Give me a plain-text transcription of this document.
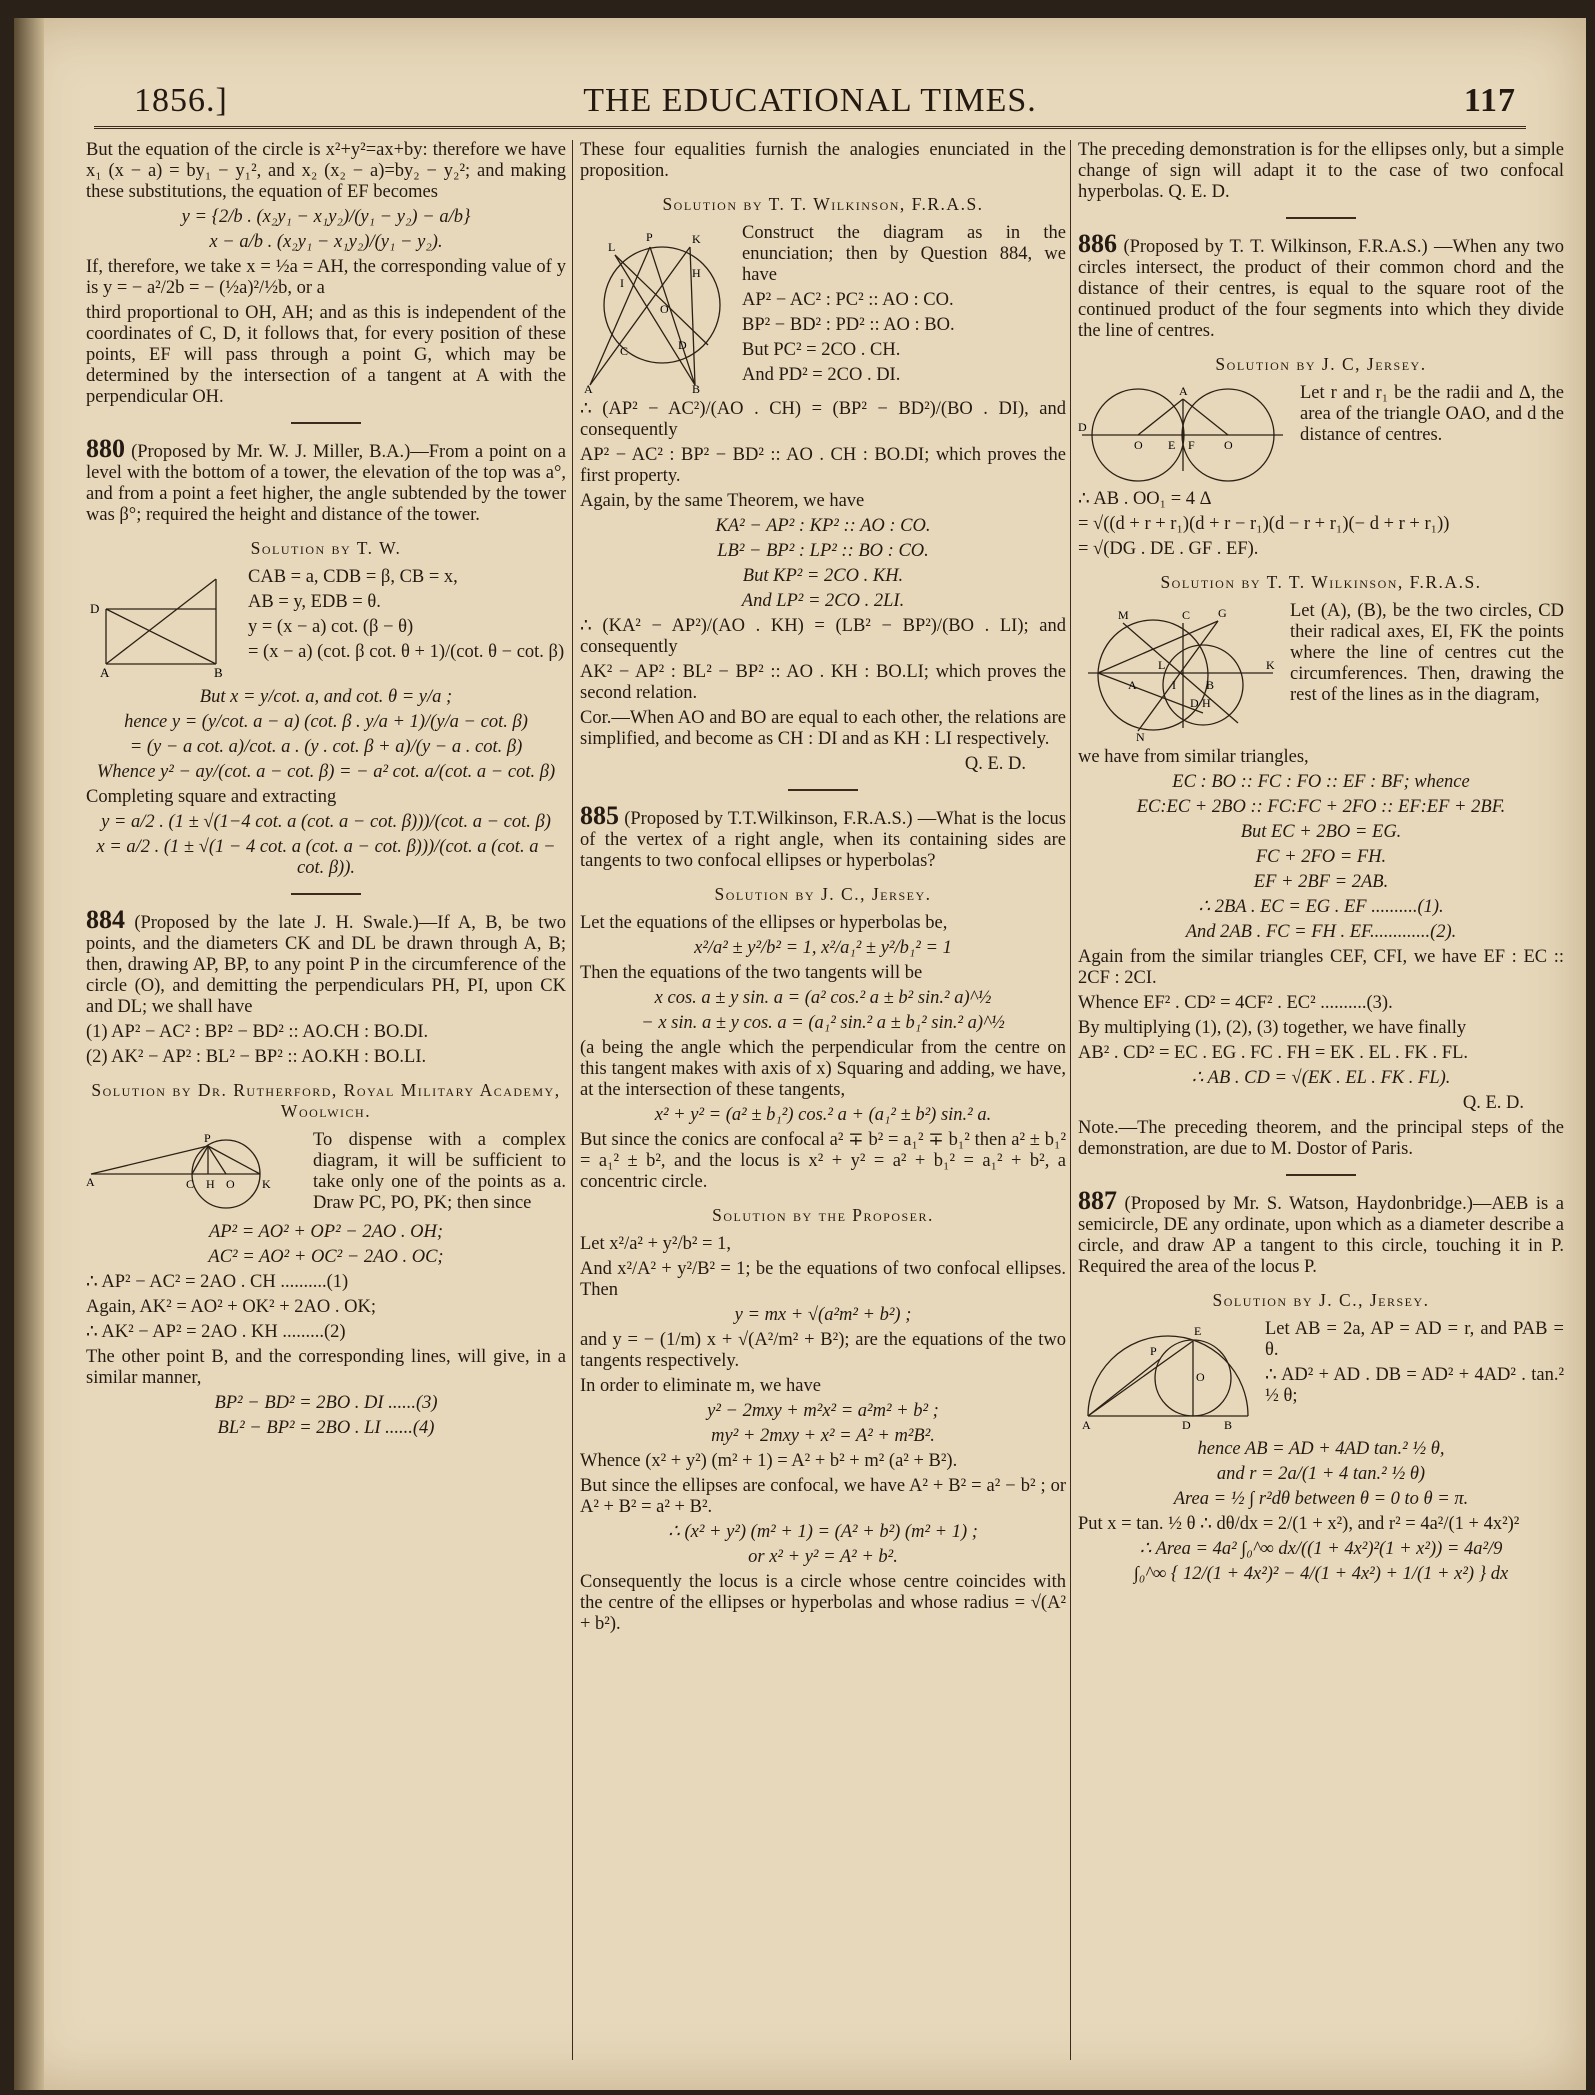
1856.]	THE EDUCATIONAL TIMES.	117

But the equation of the circle is x²+y²=ax+by: therefore we have x₁ (x − a) = by₁ − y₁², and x₂ (x₂ − a)=by₂ − y₂²; and making these substitutions, the equation of EF becomes

y = {2/b . (x₂y₁ − x₁y₂)/(y₁ − y₂) − a/b}
x − a/b . (x₂y₁ − x₁y₂)/(y₁ − y₂).

If, therefore, we take x = ½a = AH, the corresponding value of y is y = − a²/2b = − (½a)²/½b, or a

third proportional to OH, AH; and as this is independent of the coordinates of C, D, it follows that, for every position of these points, EF will pass through a point G, which may be determined by the intersection of a tangent at A with the perpendicular OH.

880 (Proposed by Mr. W. J. Miller, B.A.)—From a point on a level with the bottom of a tower, the elevation of the top was a°, and from a point a feet higher, the angle subtended by the tower was β°; required the height and distance of the tower.

Solution by T. W.
D
A	B

CAB = a, CDB = β, CB = x,

AB = y, EDB = θ.

y = (x − a) cot. (β − θ)

= (x − a) (cot. β cot. θ + 1)/(cot. θ − cot. β)

But x = y/cot. a, and cot. θ = y/a ;
hence y = (y/cot. a − a) (cot. β . y/a + 1)/(y/a − cot. β)
= (y − a cot. a)/cot. a . (y . cot. β + a)/(y − a . cot. β)
Whence y² − ay/(cot. a − cot. β) = − a² cot. a/(cot. a − cot. β)

Completing square and extracting

y = a/2 . (1 ± √(1−4 cot. a (cot. a − cot. β)))/(cot. a − cot. β)
x = a/2 . (1 ± √(1 − 4 cot. a (cot. a − cot. β)))/(cot. a (cot. a − cot. β)).

884 (Proposed by the late J. H. Swale.)—If A, B, be two points, and the diameters CK and DL be drawn through A, B; then, drawing AP, BP, to any point P in the circumference of the circle (O), and demitting the perpendiculars PH, PI, upon CK and DL; we shall have

(1) AP² − AC² : BP² − BD² :: AO.CH : BO.DI.

(2) AK² − AP² : BL² − BP² :: AO.KH : BO.LI.

Solution by Dr. Rutherford, Royal Military Academy, Woolwich.
P
A	C H O K

To dispense with a complex diagram, it will be sufficient to take only one of the points as a. Draw PC, PO, PK; then since

AP² = AO² + OP² − 2AO . OH;
AC² = AO² + OC² − 2AO . OC;

∴ AP² − AC² = 2AO . CH ..........(1)

Again, AK² = AO² + OK² + 2AO . OK;

∴ AK² − AP² = 2AO . KH .........(2)

The other point B, and the corresponding lines, will give, in a similar manner,

BP² − BD² = 2BO . DI ......(3)
BL² − BP² = 2BO . LI ......(4)

These four equalities furnish the analogies enunciated in the proposition.

Solution by T. T. Wilkinson, F.R.A.S.
L
K
P
H
I
O
C	D
A	B

Construct the diagram as in the enunciation; then by Question 884, we have

AP² − AC² : PC² :: AO : CO.

BP² − BD² : PD² :: AO : BO.

But PC² = 2CO . CH.

And PD² = 2CO . DI.

∴ (AP² − AC²)/(AO . CH) = (BP² − BD²)/(BO . DI), and consequently

AP² − AC² : BP² − BD² :: AO . CH : BO.DI; which proves the first property.

Again, by the same Theorem, we have

KA² − AP² : KP² :: AO : CO.
LB² − BP² : LP² :: BO : CO.
But KP² = 2CO . KH.
And LP² = 2CO . 2LI.

∴ (KA² − AP²)/(AO . KH) = (LB² − BP²)/(BO . LI); and consequently

AK² − AP² : BL² − BP² :: AO . KH : BO.LI; which proves the second relation.

Cor.—When AO and BO are equal to each other, the relations are simplified, and become as CH : DI and as KH : LI respectively.

Q. E. D.

885 (Proposed by T.T.Wilkinson, F.R.A.S.) —What is the locus of the vertex of a right angle, when its containing sides are tangents to two confocal ellipses or hyperbolas?

Solution by J. C., Jersey.

Let the equations of the ellipses or hyperbolas be,

x²/a² ± y²/b² = 1, x²/a₁² ± y²/b₁² = 1

Then the equations of the two tangents will be

x cos. a ± y sin. a = (a² cos.² a ± b² sin.² a)^½
− x sin. a ± y cos. a = (a₁² sin.² a ± b₁² sin.² a)^½

(a being the angle which the perpendicular from the centre on this tangent makes with axis of x) Squaring and adding, we have, at the intersection of these tangents,

x² + y² = (a² ± b₁²) cos.² a + (a₁² ± b²) sin.² a.

But since the conics are confocal a² ∓ b² = a₁² ∓ b₁² then a² ± b₁² = a₁² ± b², and the locus is x² + y² = a² + b₁² = a₁² + b², a concentric circle.

Solution by the Proposer.

Let x²/a² + y²/b² = 1,

And x²/A² + y²/B² = 1; be the equations of two confocal ellipses. Then

y = mx + √(a²m² + b²) ;

and y = − (1/m) x + √(A²/m² + B²); are the equations of the two tangents respectively.

In order to eliminate m, we have

y² − 2mxy + m²x² = a²m² + b² ;
my² + 2mxy + x² = A² + m²B².

Whence (x² + y²) (m² + 1) = A² + b² + m² (a² + B²).

But since the ellipses are confocal, we have A² + B² = a² − b² ; or A² + B² = a² + B².

∴ (x² + y²) (m² + 1) = (A² + b²) (m² + 1) ;
or x² + y² = A² + b².

Consequently the locus is a circle whose centre coincides with the centre of the ellipses or hyperbolas and whose radius = √(A² + b²).

The preceding demonstration is for the ellipses only, but a simple change of sign will adapt it to the case of two confocal hyperbolas. Q. E. D.

886 (Proposed by T. T. Wilkinson, F.R.A.S.) —When any two circles intersect, the product of their common chord and the distance of their centres, is equal to the square root of the continued product of the four segments into which they divide the line of centres.

Solution by J. C, Jersey.
D
O E F O
A	Let r and r₁ be the radii and Δ, the area of the triangle OAO, and d the distance of centres.

∴ AB . OO₁ = 4 Δ

= √((d + r + r₁)(d + r − r₁)(d − r + r₁)(− d + r + r₁))

= √(DG . DE . GF . EF).

Solution by T. T. Wilkinson, F.R.A.S.
M	C G
L	K
A	I	B
D H
N

Let (A), (B), be the two circles, CD their radical axes, EI, FK the points where the line of centres cut the circumferences. Then, drawing the rest of the lines as in the diagram,

we have from similar triangles,

EC : BO :: FC : FO :: EF : BF; whence
EC:EC + 2BO :: FC:FC + 2FO :: EF:EF + 2BF.
But EC + 2BO = EG.
FC + 2FO = FH.
EF + 2BF = 2AB.
∴ 2BA . EC = EG . EF ..........(1).
And 2AB . FC = FH . EF.............(2).

Again from the similar triangles CEF, CFI, we have EF : EC :: 2CF : 2CI.

Whence EF² . CD² = 4CF² . EC² ..........(3).

By multiplying (1), (2), (3) together, we have finally

AB² . CD² = EC . EG . FC . FH = EK . EL . FK . FL.

∴ AB . CD = √(EK . EL . FK . FL).

Q. E. D.

Note.—The preceding theorem, and the principal steps of the demonstration, are due to M. Dostor of Paris.

887 (Proposed by Mr. S. Watson, Haydonbridge.)—AEB is a semicircle, DE any ordinate, upon which as a diameter describe a circle, and draw AP a tangent to this circle, touching it in P. Required the area of the locus P.

Solution by J. C., Jersey.
E
P
O
A	D	B

Let AB = 2a, AP = AD = r, and PAB = θ.

∴ AD² + AD . DB = AD² + 4AD² . tan.² ½ θ;

hence AB = AD + 4AD tan.² ½ θ,
and r = 2a/(1 + 4 tan.² ½ θ)
Area = ½ ∫ r²dθ between θ = 0 to θ = π.

Put x = tan. ½ θ ∴ dθ/dx = 2/(1 + x²), and r² = 4a²/(1 + 4x²)²

∴ Area = 4a² ∫₀^∞ dx/((1 + 4x²)²(1 + x²)) = 4a²/9
∫₀^∞ { 12/(1 + 4x²)² − 4/(1 + 4x²) + 1/(1 + x²) } dx
